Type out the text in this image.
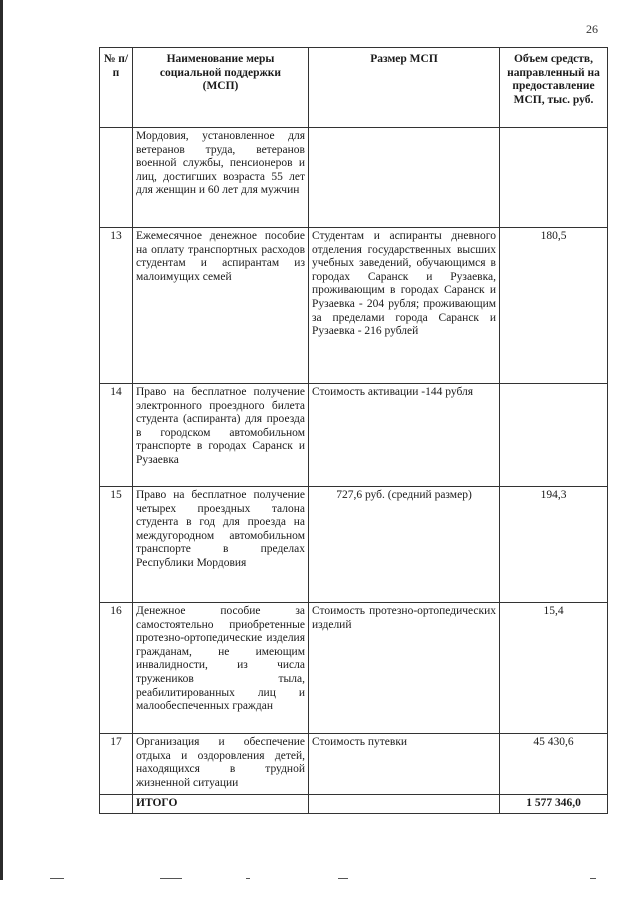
26
№ п/п	Наименование меры социальной поддержки (МСП)	Размер МСП	Объем средств, направленный на предоставление МСП, тыс. руб.
	Мордовия, установленное для ветеранов труда, ветеранов военной службы, пенсионеров и лиц, достигших возраста 55 лет для женщин и 60 лет для мужчин		
13	Ежемесячное денежное пособие на оплату транспортных расходов студентам и аспирантам из малоимущих семей	Студентам и аспиранты дневного отделения государственных высших учебных заведений, обучающимся в городах Саранск и Рузаевка, проживающим в городах Саранск и Рузаевка - 204 рубля; проживающим за пределами города Саранск и Рузаевка - 216 рублей	180,5
14	Право на бесплатное получение электронного проездного билета студента (аспиранта) для проезда в городском автомобильном транспорте в городах Саранск и Рузаевка	Стоимость активации -144 рубля	
15	Право на бесплатное получение четырех проездных талона студента в год для проезда на междугородном автомобильном транспорте в пределах Республики Мордовия	727,6 руб. (средний размер)	194,3
16	Денежное пособие за самостоятельно приобретенные протезно-ортопедические изделия гражданам, не имеющим инвалидности, из числа тружеников тыла, реабилитированных лиц и малообеспеченных граждан	Стоимость протезно-ортопедических изделий	15,4
17	Организация и обеспечение отдыха и оздоровления детей, находящихся в трудной жизненной ситуации	Стоимость путевки	45 430,6
	ИТОГО		1 577 346,0
